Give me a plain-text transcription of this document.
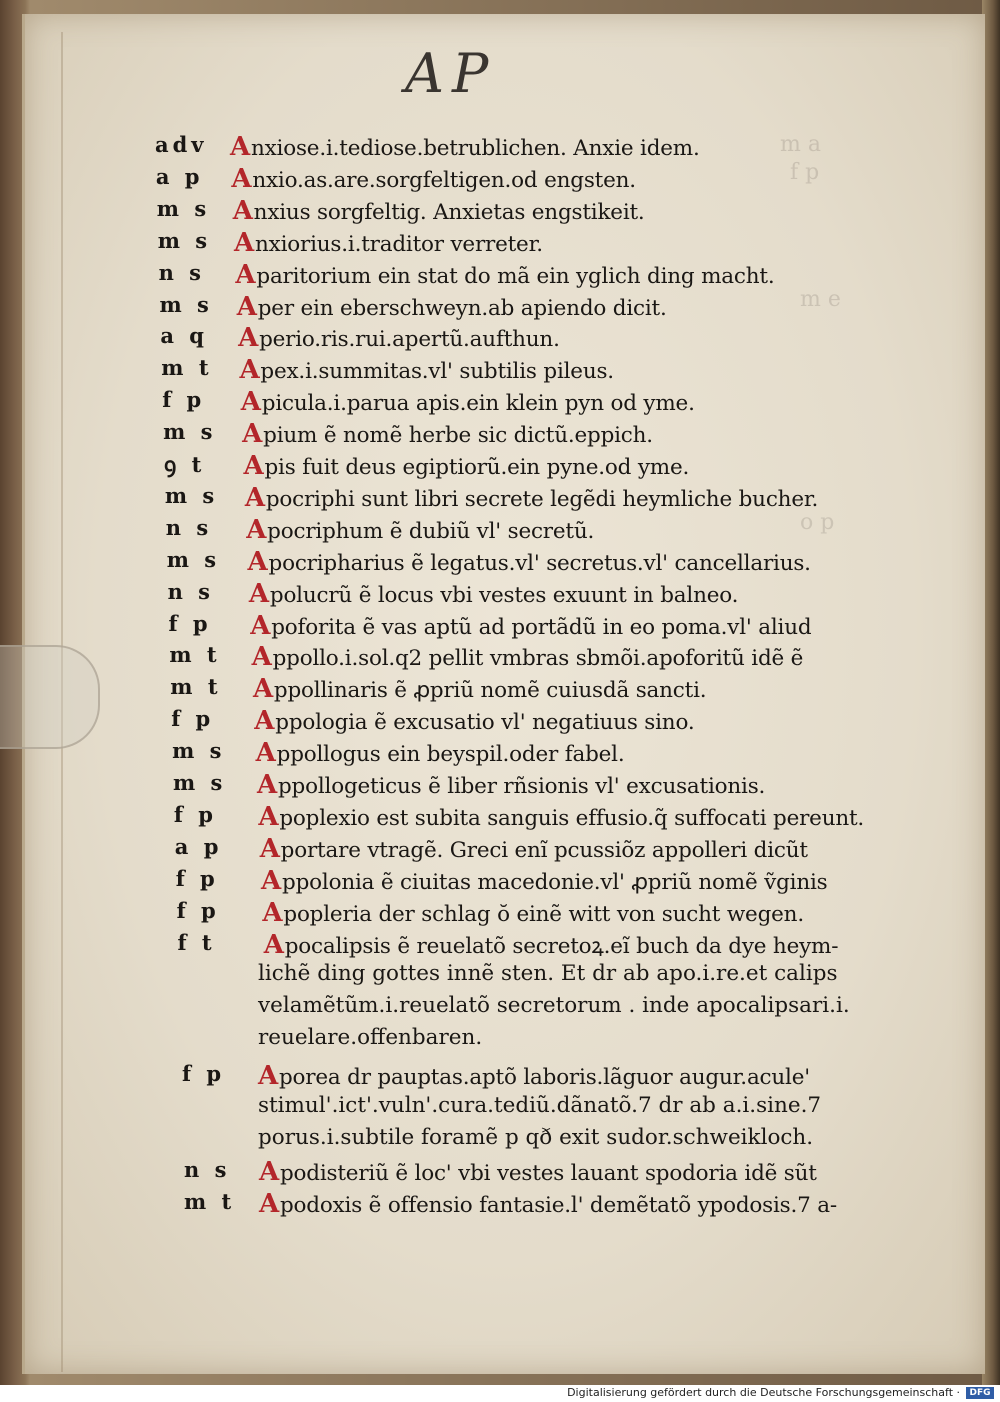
AP
m a
f p
m e
o p
adv Anxiose.i.tediose.betrublichen. Anxie idem.
a p	Anxio.as.are.sorgfeltigen.od engsten.
m s Anxius sorgfeltig. Anxietas engstikeit.
m s Anxiorius.i.traditor verreter.
n s	Aparitorium ein stat do mã ein yglich ding macht.
m s Aper ein eberschweyn.ab apiendo dicit.
a q	Aperio.ris.rui.apertũ.aufthun.
m t	Apex.i.summitas.vl' subtilis pileus.
f p	Apicula.i.parua apis.ein klein pyn od yme.
m s Apium ẽ nomẽ herbe sic dictũ.eppich.
ꝯ t	Apis fuit deus egiptiorũ.ein pyne.od yme.
m s	Apocriphi sunt libri secrete legẽdi heymliche bucher.
n s	Apocriphum ẽ dubiũ vl' secretũ.
m s	Apocripharius ẽ legatus.vl' secretus.vl' cancellarius.
n s	Apolucrũ ẽ locus vbi vestes exuunt in balneo.
f p	Apoforita ẽ vas aptũ ad portãdũ in eo poma.vl' aliud
m t	Appollo.i.sol.q2 pellit vmbras sbmõi.apoforitũ idẽ ẽ
m t	Appollinaris ẽ ꝓpriũ nomẽ cuiusdã sancti.
f p	Appologia ẽ excusatio vl' negatiuus sino.
m s	Appollogus ein beyspil.oder fabel.
m s	Appollogeticus ẽ liber rñsionis vl' excusationis.
f p	Apoplexio est subita sanguis effusio.q̃ suffocati pereunt.
a p	Aportare vtragẽ. Greci enĩ pcussiõz appolleri dicũt
f p	Appolonia ẽ ciuitas macedonie.vl' ꝓpriũ nomẽ ṽginis
f p	Apopleria der schlag ŏ einẽ witt von sucht wegen.
f t	Apocalipsis ẽ reuelatõ secretoꝝ.eĩ buch da dye heym-
lichẽ ding gottes innẽ sten. Et dr ab apo.i.re.et calips
velamẽtũm.i.reuelatõ secretorum . inde apocalipsari.i.
reuelare.offenbaren.
f p	Aporea dr pauptas.aptõ laboris.lãguor augur.acule'
stimul'.ict'.vuln'.cura.tediũ.dãnatõ.7 dr ab a.i.sine.7
porus.i.subtile foramẽ p qð exit sudor.schweikloch.
n s	Apodisteriũ ẽ loc' vbi vestes lauant spodoria idẽ sũt
m t Apodoxis ẽ offensio fantasie.l' demẽtatõ ypodosis.7 a-
Digitalisierung gefördert durch die Deutsche Forschungsgemeinschaft ·	DFG
